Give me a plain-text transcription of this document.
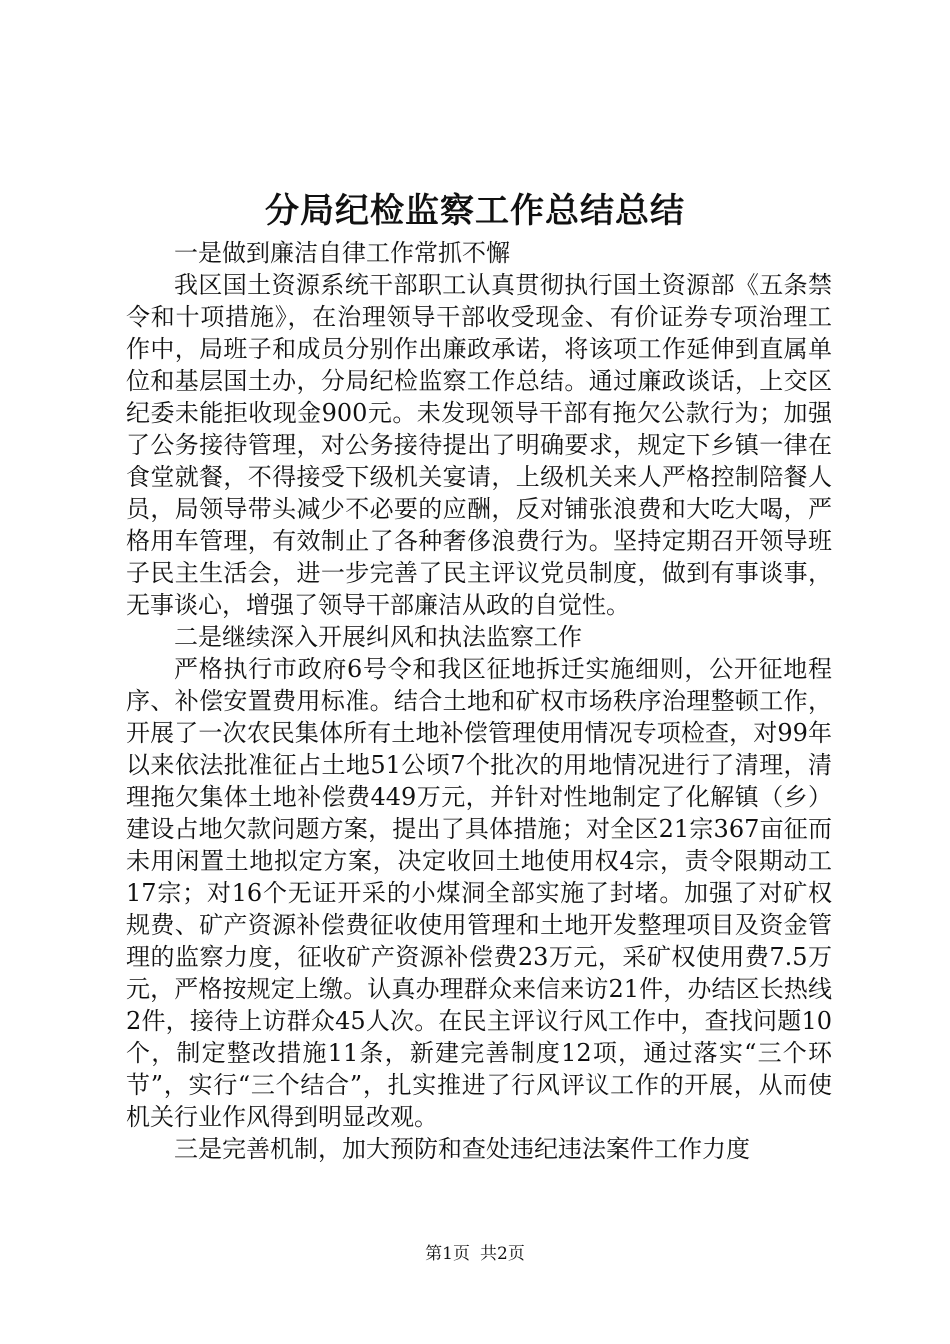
分局纪检监察工作总结总结

一是做到廉洁自律工作常抓不懈

我区国土资源系统干部职工认真贯彻执行国土资源部《五条禁令和十项措施》，在治理领导干部收受现金、有价证券专项治理工作中，局班子和成员分别作出廉政承诺，将该项工作延伸到直属单位和基层国土办，分局纪检监察工作总结。通过廉政谈话，上交区纪委未能拒收现金900元。未发现领导干部有拖欠公款行为；加强了公务接待管理，对公务接待提出了明确要求，规定下乡镇一律在食堂就餐，不得接受下级机关宴请，上级机关来人严格控制陪餐人员，局领导带头减少不必要的应酬，反对铺张浪费和大吃大喝，严格用车管理，有效制止了各种奢侈浪费行为。坚持定期召开领导班子民主生活会，进一步完善了民主评议党员制度，做到有事谈事，无事谈心，增强了领导干部廉洁从政的自觉性。

二是继续深入开展纠风和执法监察工作

严格执行市政府6号令和我区征地拆迁实施细则，公开征地程序、补偿安置费用标准。结合土地和矿权市场秩序治理整顿工作，开展了一次农民集体所有土地补偿管理使用情况专项检查，对99年以来依法批准征占土地51公顷7个批次的用地情况进行了清理，清理拖欠集体土地补偿费449万元，并针对性地制定了化解镇（乡）建设占地欠款问题方案，提出了具体措施；对全区21宗367亩征而未用闲置土地拟定方案，决定收回土地使用权4宗，责令限期动工17宗；对16个无证开采的小煤洞全部实施了封堵。加强了对矿权规费、矿产资源补偿费征收使用管理和土地开发整理项目及资金管理的监察力度，征收矿产资源补偿费23万元，采矿权使用费7.5万元，严格按规定上缴。认真办理群众来信来访21件，办结区长热线2件，接待上访群众45人次。在民主评议行风工作中，查找问题10个，制定整改措施11条，新建完善制度12项，通过落实“三个环节”，实行“三个结合”，扎实推进了行风评议工作的开展，从而使机关行业作风得到明显改观。

三是完善机制，加大预防和查处违纪违法案件工作力度

第1页 共2页
